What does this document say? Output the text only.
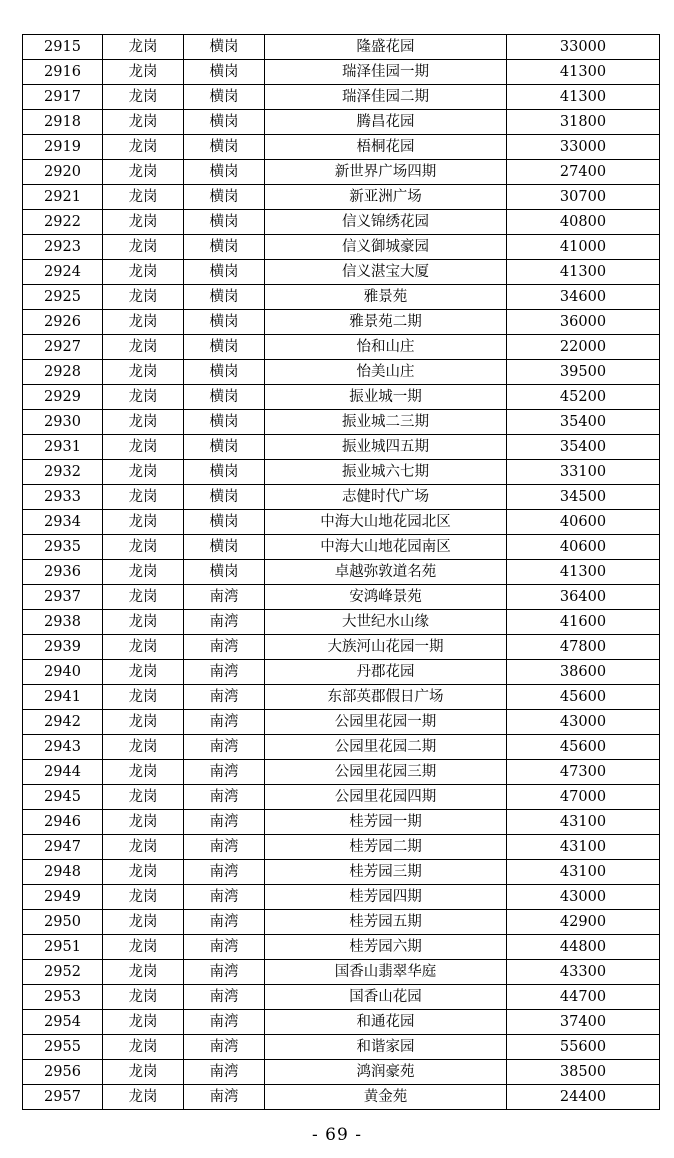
2915	龙岗	横岗	隆盛花园	33000
2916	龙岗	横岗	瑞泽佳园一期	41300
2917	龙岗	横岗	瑞泽佳园二期	41300
2918	龙岗	横岗	腾昌花园	31800
2919	龙岗	横岗	梧桐花园	33000
2920	龙岗	横岗	新世界广场四期	27400
2921	龙岗	横岗	新亚洲广场	30700
2922	龙岗	横岗	信义锦绣花园	40800
2923	龙岗	横岗	信义御城豪园	41000
2924	龙岗	横岗	信义湛宝大厦	41300
2925	龙岗	横岗	雅景苑	34600
2926	龙岗	横岗	雅景苑二期	36000
2927	龙岗	横岗	怡和山庄	22000
2928	龙岗	横岗	怡美山庄	39500
2929	龙岗	横岗	振业城一期	45200
2930	龙岗	横岗	振业城二三期	35400
2931	龙岗	横岗	振业城四五期	35400
2932	龙岗	横岗	振业城六七期	33100
2933	龙岗	横岗	志健时代广场	34500
2934	龙岗	横岗	中海大山地花园北区	40600
2935	龙岗	横岗	中海大山地花园南区	40600
2936	龙岗	横岗	卓越弥敦道名苑	41300
2937	龙岗	南湾	安鸿峰景苑	36400
2938	龙岗	南湾	大世纪水山缘	41600
2939	龙岗	南湾	大族河山花园一期	47800
2940	龙岗	南湾	丹郡花园	38600
2941	龙岗	南湾	东部英郡假日广场	45600
2942	龙岗	南湾	公园里花园一期	43000
2943	龙岗	南湾	公园里花园二期	45600
2944	龙岗	南湾	公园里花园三期	47300
2945	龙岗	南湾	公园里花园四期	47000
2946	龙岗	南湾	桂芳园一期	43100
2947	龙岗	南湾	桂芳园二期	43100
2948	龙岗	南湾	桂芳园三期	43100
2949	龙岗	南湾	桂芳园四期	43000
2950	龙岗	南湾	桂芳园五期	42900
2951	龙岗	南湾	桂芳园六期	44800
2952	龙岗	南湾	国香山翡翠华庭	43300
2953	龙岗	南湾	国香山花园	44700
2954	龙岗	南湾	和通花园	37400
2955	龙岗	南湾	和谐家园	55600
2956	龙岗	南湾	鸿润豪苑	38500
2957	龙岗	南湾	黄金苑	24400
- 69 -
